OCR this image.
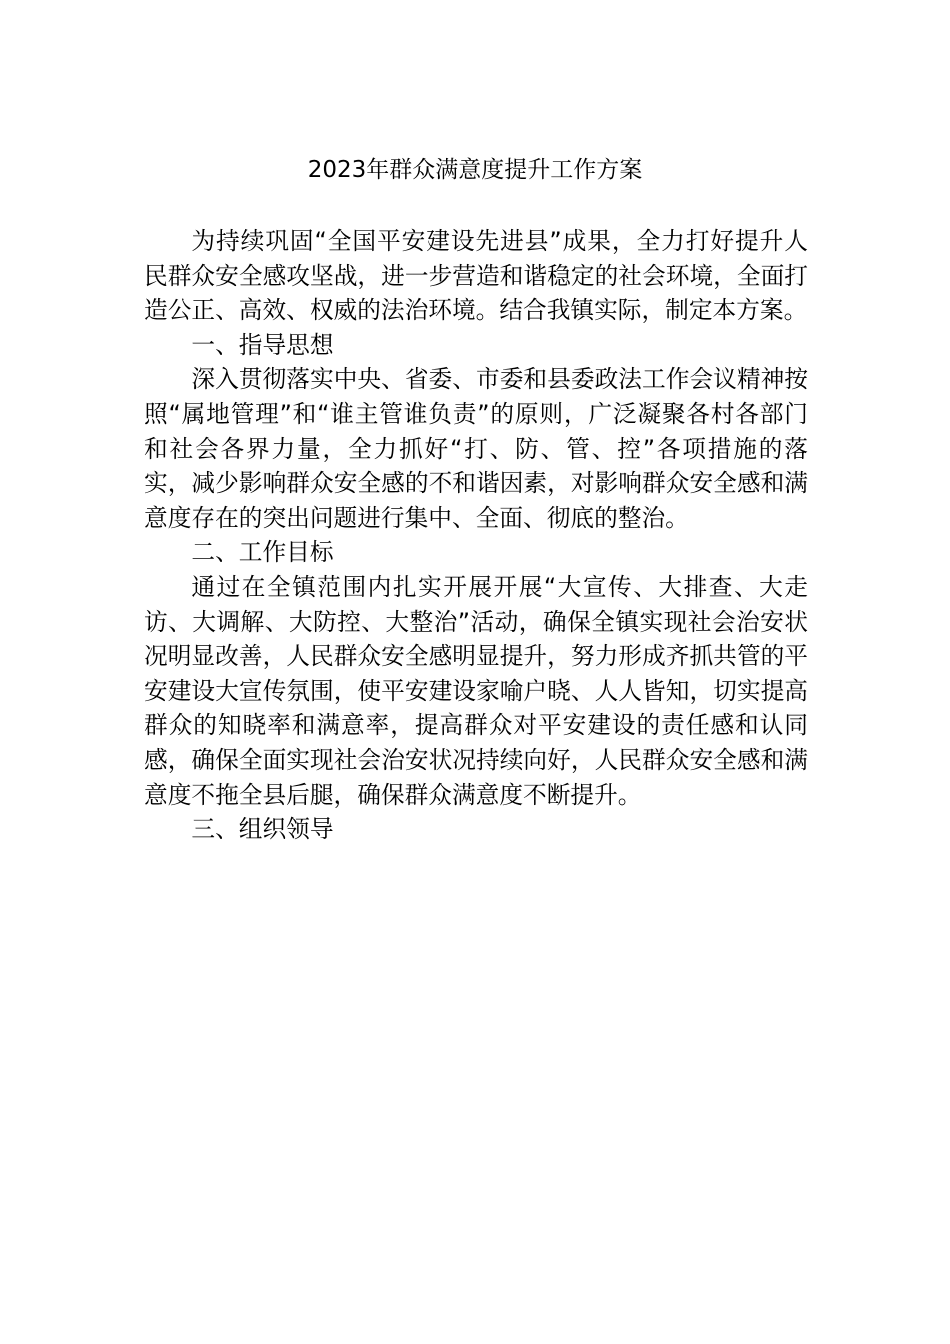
2023年群众满意度提升工作方案

为持续巩固“全国平安建设先进县”成果，全力打好提升人民群众安全感攻坚战，进一步营造和谐稳定的社会环境，全面打造公正、高效、权威的法治环境。结合我镇实际，制定本方案。

一、指导思想

深入贯彻落实中央、省委、市委和县委政法工作会议精神按照“属地管理”和“谁主管谁负责”的原则，广泛凝聚各村各部门和社会各界力量，全力抓好“打、防、管、控”各项措施的落实，减少影响群众安全感的不和谐因素，对影响群众安全感和满意度存在的突出问题进行集中、全面、彻底的整治。

二、工作目标

通过在全镇范围内扎实开展开展“大宣传、大排查、大走访、大调解、大防控、大整治”活动，确保全镇实现社会治安状况明显改善，人民群众安全感明显提升，努力形成齐抓共管的平安建设大宣传氛围，使平安建设家喻户晓、人人皆知，切实提高群众的知晓率和满意率，提高群众对平安建设的责任感和认同感，确保全面实现社会治安状况持续向好，人民群众安全感和满意度不拖全县后腿，确保群众满意度不断提升。

三、组织领导
